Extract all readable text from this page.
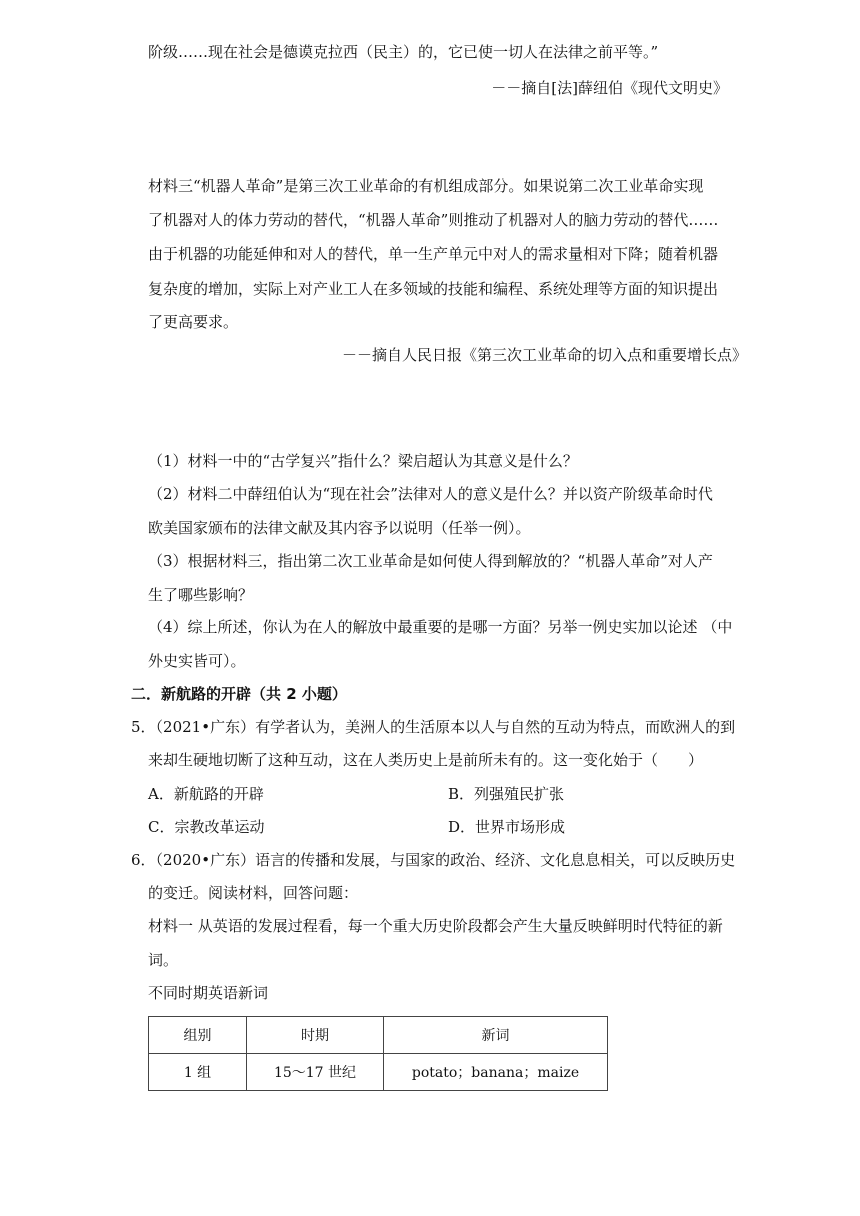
阶级……现在社会是德谟克拉西（民主）的，它已使一切人在法律之前平等。”
－－摘自[法]薛纽伯《现代文明史》
材料三“机器人革命”是第三次工业革命的有机组成部分。如果说第二次工业革命实现
了机器对人的体力劳动的替代，“机器人革命”则推动了机器对人的脑力劳动的替代……
由于机器的功能延伸和对人的替代，单一生产单元中对人的需求量相对下降；随着机器
复杂度的增加，实际上对产业工人在多领域的技能和编程、系统处理等方面的知识提出
了更高要求。
－－摘自人民日报《第三次工业革命的切入点和重要增长点》
（1）材料一中的“古学复兴”指什么？梁启超认为其意义是什么？
（2）材料二中薛纽伯认为“现在社会”法律对人的意义是什么？并以资产阶级革命时代
欧美国家颁布的法律文献及其内容予以说明（任举一例）。
（3）根据材料三，指出第二次工业革命是如何使人得到解放的？“机器人革命”对人产
生了哪些影响？
（4）综上所述，你认为在人的解放中最重要的是哪一方面？另举一例史实加以论述 （中
外史实皆可）。
二．新航路的开辟（共 2 小题）
5．（2021•广东）有学者认为，美洲人的生活原本以人与自然的互动为特点，而欧洲人的到
来却生硬地切断了这种互动，这在人类历史上是前所未有的。这一变化始于（　　）
A．新航路的开辟	B．列强殖民扩张
C．宗教改革运动	D．世界市场形成
6．（2020•广东）语言的传播和发展，与国家的政治、经济、文化息息相关，可以反映历史
的变迁。阅读材料，回答问题：
材料一 从英语的发展过程看，每一个重大历史阶段都会产生大量反映鲜明时代特征的新
词。
组别	时期	新词
1 组	15～17 世纪	potato；banana；maize
不同时期英语新词
